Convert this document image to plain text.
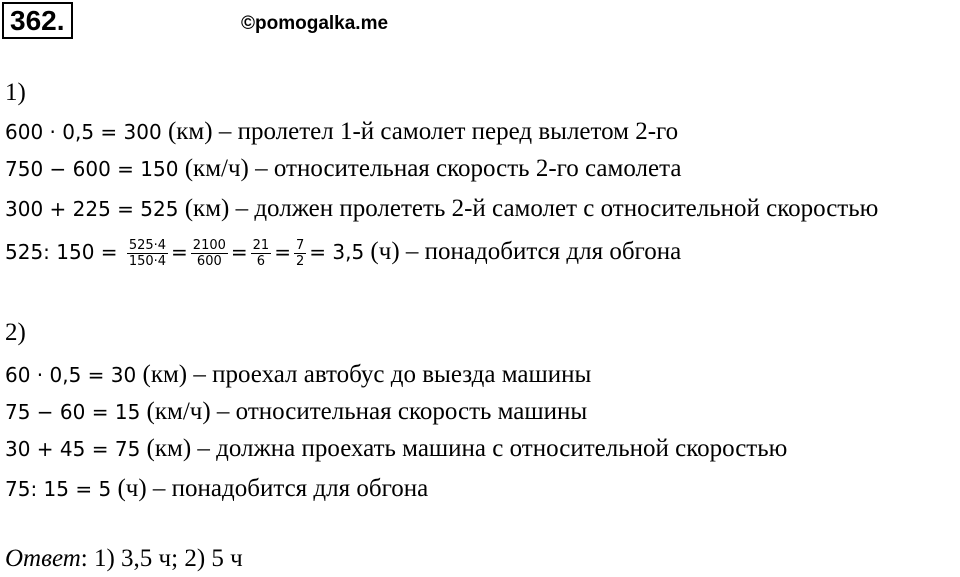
362.	©pomogalka.me
1)
600 · 0,5 = 300 (км) – пролетел 1-й самолет перед вылетом 2-го
750 − 600 = 150 (км/ч) – относительная скорость 2-го самолета
300 + 225 = 525 (км) – должен пролететь 2-й самолет с относительной скоростью
525: $150 = \frac{525\cdot 4}{150\cdot 4} = \frac{2100}{600} = \frac{21}{6} = \frac{7}{2} = 3,5$ (ч) – понадобится для обгона
2)
60 · 0,5 = 30 (км) – проехал автобус до выезда машины
75 − 60 = 15 (км/ч) – относительная скорость машины
30 + 45 = 75 (км) – должна проехать машина с относительной скоростью
75: 15 = 5 (ч) – понадобится для обгона
Ответ: 1) 3,5 ч; 2) 5 ч
